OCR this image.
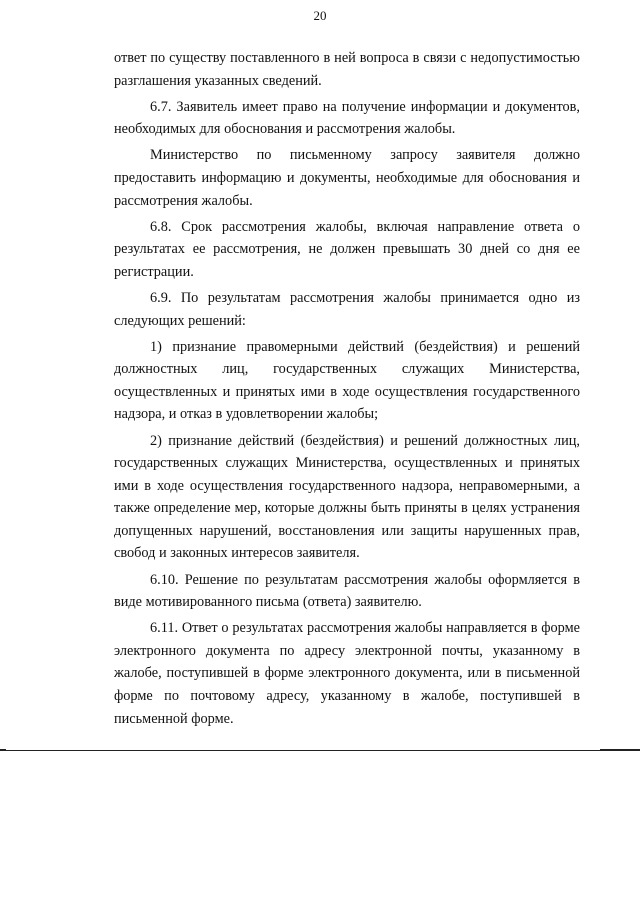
20

ответ по существу поставленного в ней вопроса в связи с недопустимостью разглашения указанных сведений.

6.7. Заявитель имеет право на получение информации и документов, необходимых для обоснования и рассмотрения жалобы.

Министерство по письменному запросу заявителя должно предоставить информацию и документы, необходимые для обоснования и рассмотрения жалобы.

6.8. Срок рассмотрения жалобы, включая направление ответа о результатах ее рассмотрения, не должен превышать 30 дней со дня ее регистрации.

6.9. По результатам рассмотрения жалобы принимается одно из следующих решений:

1) признание правомерными действий (бездействия) и решений должностных лиц, государственных служащих Министерства, осуществленных и принятых ими в ходе осуществления государственного надзора, и отказ в удовлетворении жалобы;

2) признание действий (бездействия) и решений должностных лиц, государственных служащих Министерства, осуществленных и принятых ими в ходе осуществления государственного надзора, неправомерными, а также определение мер, которые должны быть приняты в целях устранения допущенных нарушений, восстановления или защиты нарушенных прав, свобод и законных интересов заявителя.

6.10. Решение по результатам рассмотрения жалобы оформляется в виде мотивированного письма (ответа) заявителю.

6.11. Ответ о результатах рассмотрения жалобы направляется в форме электронного документа по адресу электронной почты, указанному в жалобе, поступившей в форме электронного документа, или в письменной форме по почтовому адресу, указанному в жалобе, поступившей в письменной форме.
